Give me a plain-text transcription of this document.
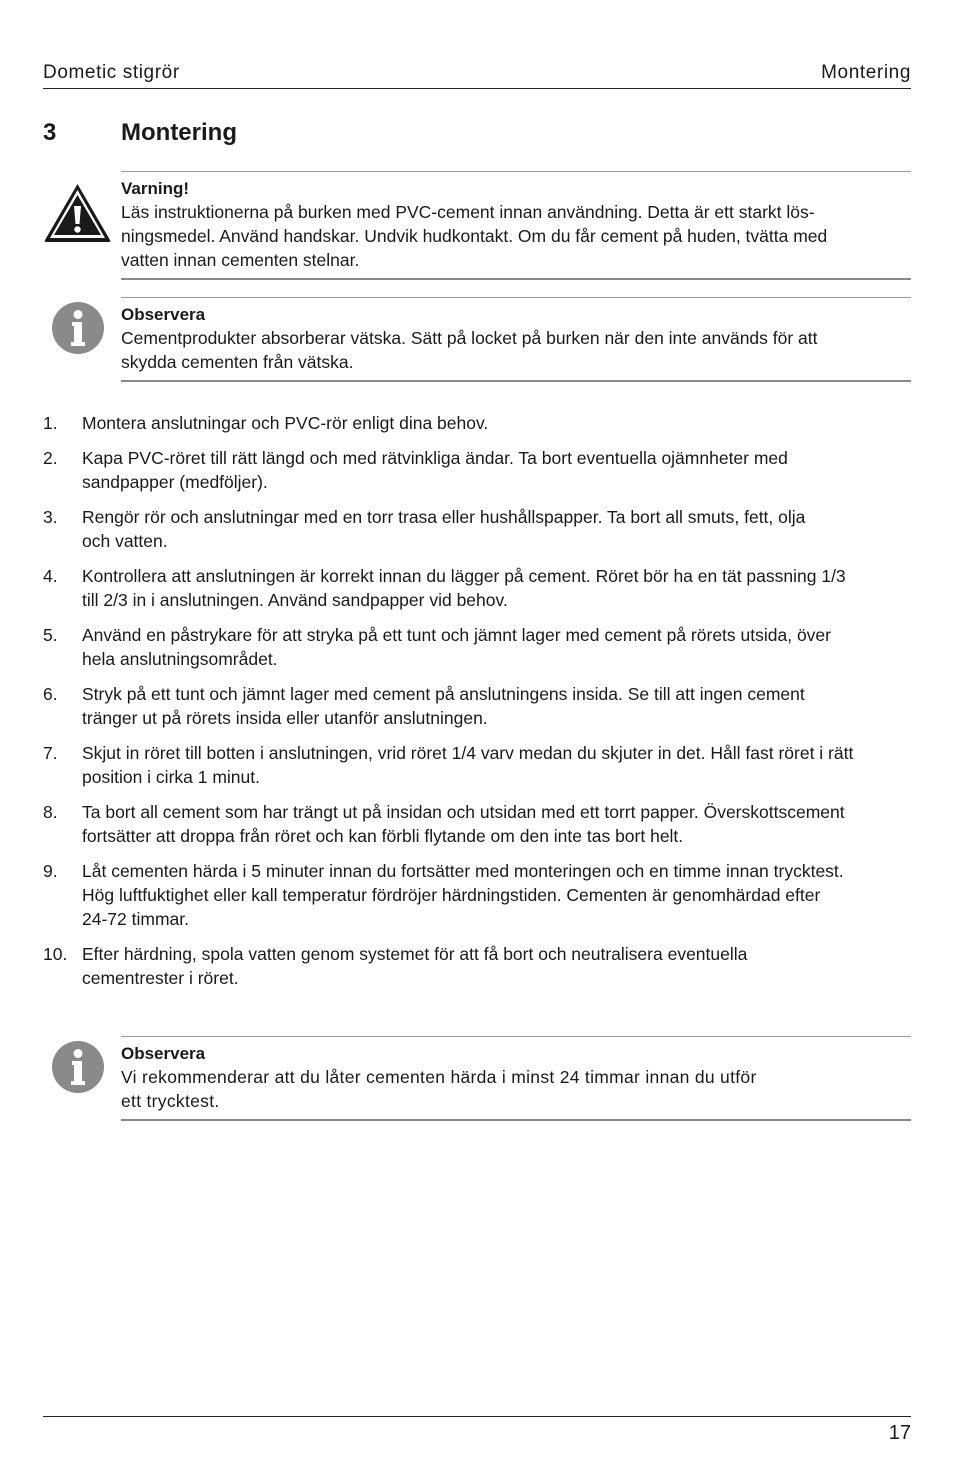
Dometic stigrör	Montering
3	Montering
Varning!
Läs instruktionerna på burken med PVC-cement innan användning. Detta är ett starkt lös-
ningsmedel. Använd handskar. Undvik hudkontakt. Om du får cement på huden, tvätta med
vatten innan cementen stelnar.
Observera
Cementprodukter absorberar vätska. Sätt på locket på burken när den inte används för att
skydda cementen från vätska.
1. Montera anslutningar och PVC-rör enligt dina behov.
2. Kapa PVC-röret till rätt längd och med rätvinkliga ändar. Ta bort eventuella ojämnheter med
sandpapper (medföljer).
3. Rengör rör och anslutningar med en torr trasa eller hushållspapper. Ta bort all smuts, fett, olja
och vatten.
4. Kontrollera att anslutningen är korrekt innan du lägger på cement. Röret bör ha en tät passning 1/3
till 2/3 in i anslutningen. Använd sandpapper vid behov.
5. Använd en påstrykare för att stryka på ett tunt och jämnt lager med cement på rörets utsida, över
hela anslutningsområdet.
6. Stryk på ett tunt och jämnt lager med cement på anslutningens insida. Se till att ingen cement
tränger ut på rörets insida eller utanför anslutningen.
7. Skjut in röret till botten i anslutningen, vrid röret 1/4 varv medan du skjuter in det. Håll fast röret i rätt
position i cirka 1 minut.
8. Ta bort all cement som har trängt ut på insidan och utsidan med ett torrt papper. Överskottscement
fortsätter att droppa från röret och kan förbli flytande om den inte tas bort helt.
9. Låt cementen härda i 5 minuter innan du fortsätter med monteringen och en timme innan trycktest.
Hög luftfuktighet eller kall temperatur fördröjer härdningstiden. Cementen är genomhärdad efter
24-72 timmar.
10. Efter härdning, spola vatten genom systemet för att få bort och neutralisera eventuella
cementrester i röret.
Observera
Vi rekommenderar att du låter cementen härda i minst 24 timmar innan du utför
ett trycktest.
17
